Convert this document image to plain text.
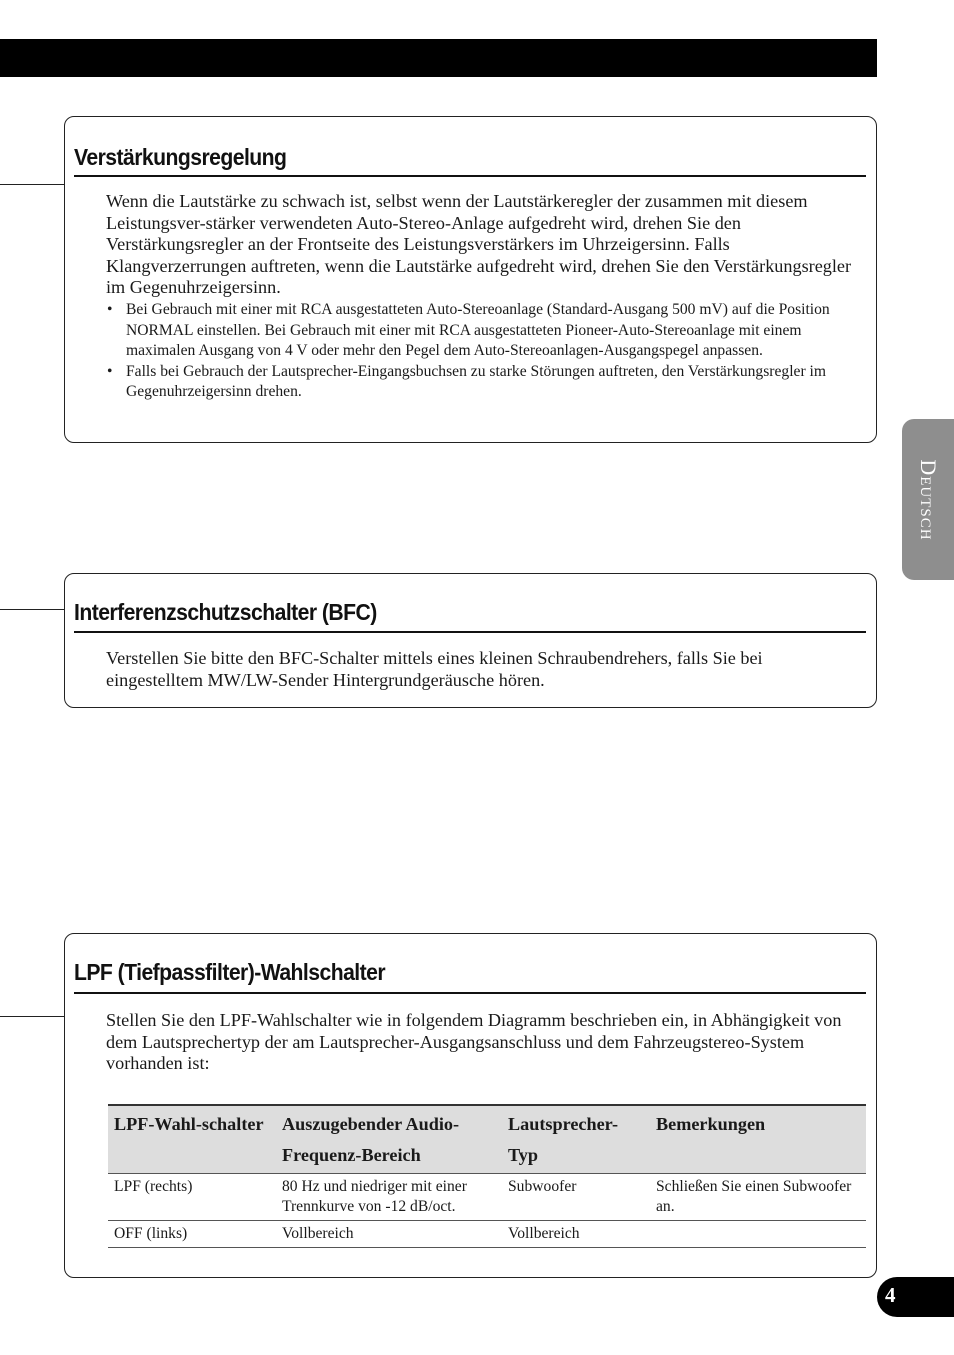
Verstärkungsregelung
Wenn die Lautstärke zu schwach ist, selbst wenn der Lautstärkeregler der zusammen mit diesem Leistungsver-stärker verwendeten Auto-Stereo-Anlage aufgedreht wird, drehen Sie den Verstärkungsregler an der Frontseite des Leistungsverstärkers im Uhrzeigersinn. Falls Klangverzerrungen auftreten, wenn die Lautstärke aufgedreht wird, drehen Sie den Verstärkungsregler im Gegenuhrzeigersinn.
• Bei Gebrauch mit einer mit RCA ausgestatteten Auto-Stereoanlage (Standard-Ausgang 500 mV) auf die Position NORMAL einstellen. Bei Gebrauch mit einer mit RCA ausgestatteten Pioneer-Auto-Stereoanlage mit einem maximalen Ausgang von 4 V oder mehr den Pegel dem Auto-Stereoanlagen-Ausgangspegel anpassen.
• Falls bei Gebrauch der Lautsprecher-Eingangsbuchsen zu starke Störungen auftreten, den Verstärkungsregler im Gegenuhrzeigersinn drehen.
Interferenzschutzschalter (BFC)
Verstellen Sie bitte den BFC-Schalter mittels eines kleinen Schraubendrehers, falls Sie bei eingestelltem MW/LW-Sender Hintergrundgeräusche hören.
LPF (Tiefpassfilter)-Wahlschalter
Stellen Sie den LPF-Wahlschalter wie in folgendem Diagramm beschrieben ein, in Abhängigkeit von dem Lautsprechertyp der am Lautsprecher-Ausgangsanschluss und dem Fahrzeugstereo-System vorhanden ist:
LPF-Wahl-schalter	Auszugebender Audio-Frequenz-Bereich	Lautsprecher-Typ	Bemerkungen
LPF (rechts)	80 Hz und niedriger mit einer Trennkurve von -12 dB/oct.	Subwoofer	Schließen Sie einen Subwoofer an.
OFF (links)	Vollbereich	Vollbereich	
Deutsch
4
